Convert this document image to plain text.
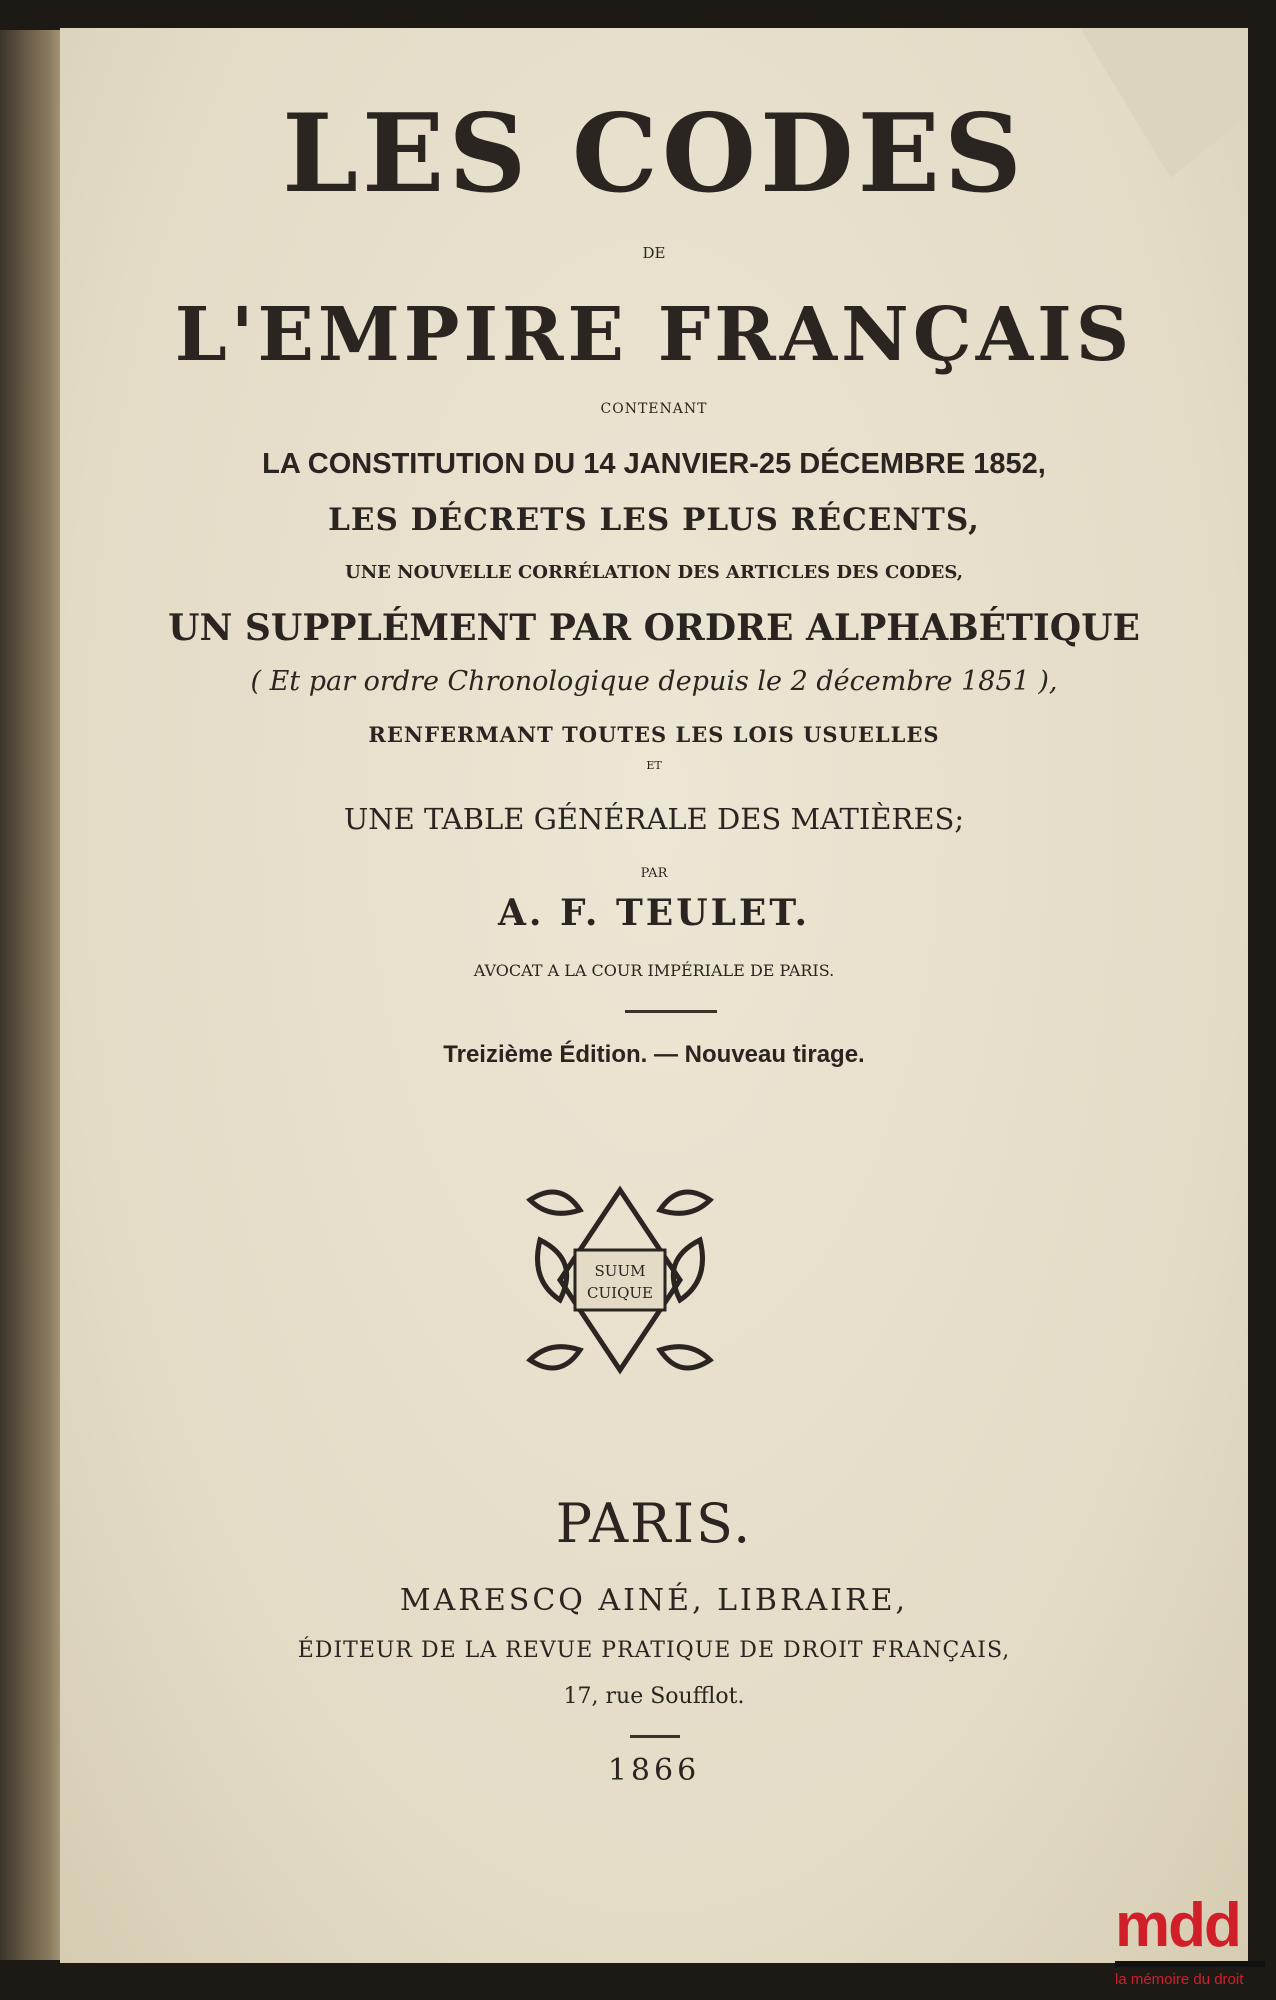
LES CODES
DE
L'EMPIRE FRANÇAIS
CONTENANT
LA CONSTITUTION DU 14 JANVIER-25 DÉCEMBRE 1852,
LES DÉCRETS LES PLUS RÉCENTS,
UNE NOUVELLE CORRÉLATION DES ARTICLES DES CODES,
UN SUPPLÉMENT PAR ORDRE ALPHABÉTIQUE
( Et par ordre Chronologique depuis le 2 décembre 1851 ),
RENFERMANT TOUTES LES LOIS USUELLES
ET
UNE TABLE GÉNÉRALE DES MATIÈRES;
PAR
A. F. TEULET.
AVOCAT A LA COUR IMPÉRIALE DE PARIS.
Treizième Édition. — Nouveau tirage.
SUUM
CUIQUE
PARIS.
MARESCQ AINÉ, LIBRAIRE,
ÉDITEUR DE LA REVUE PRATIQUE DE DROIT FRANÇAIS,
17, rue Soufflot.
1866
mdd
la mémoire du droit
